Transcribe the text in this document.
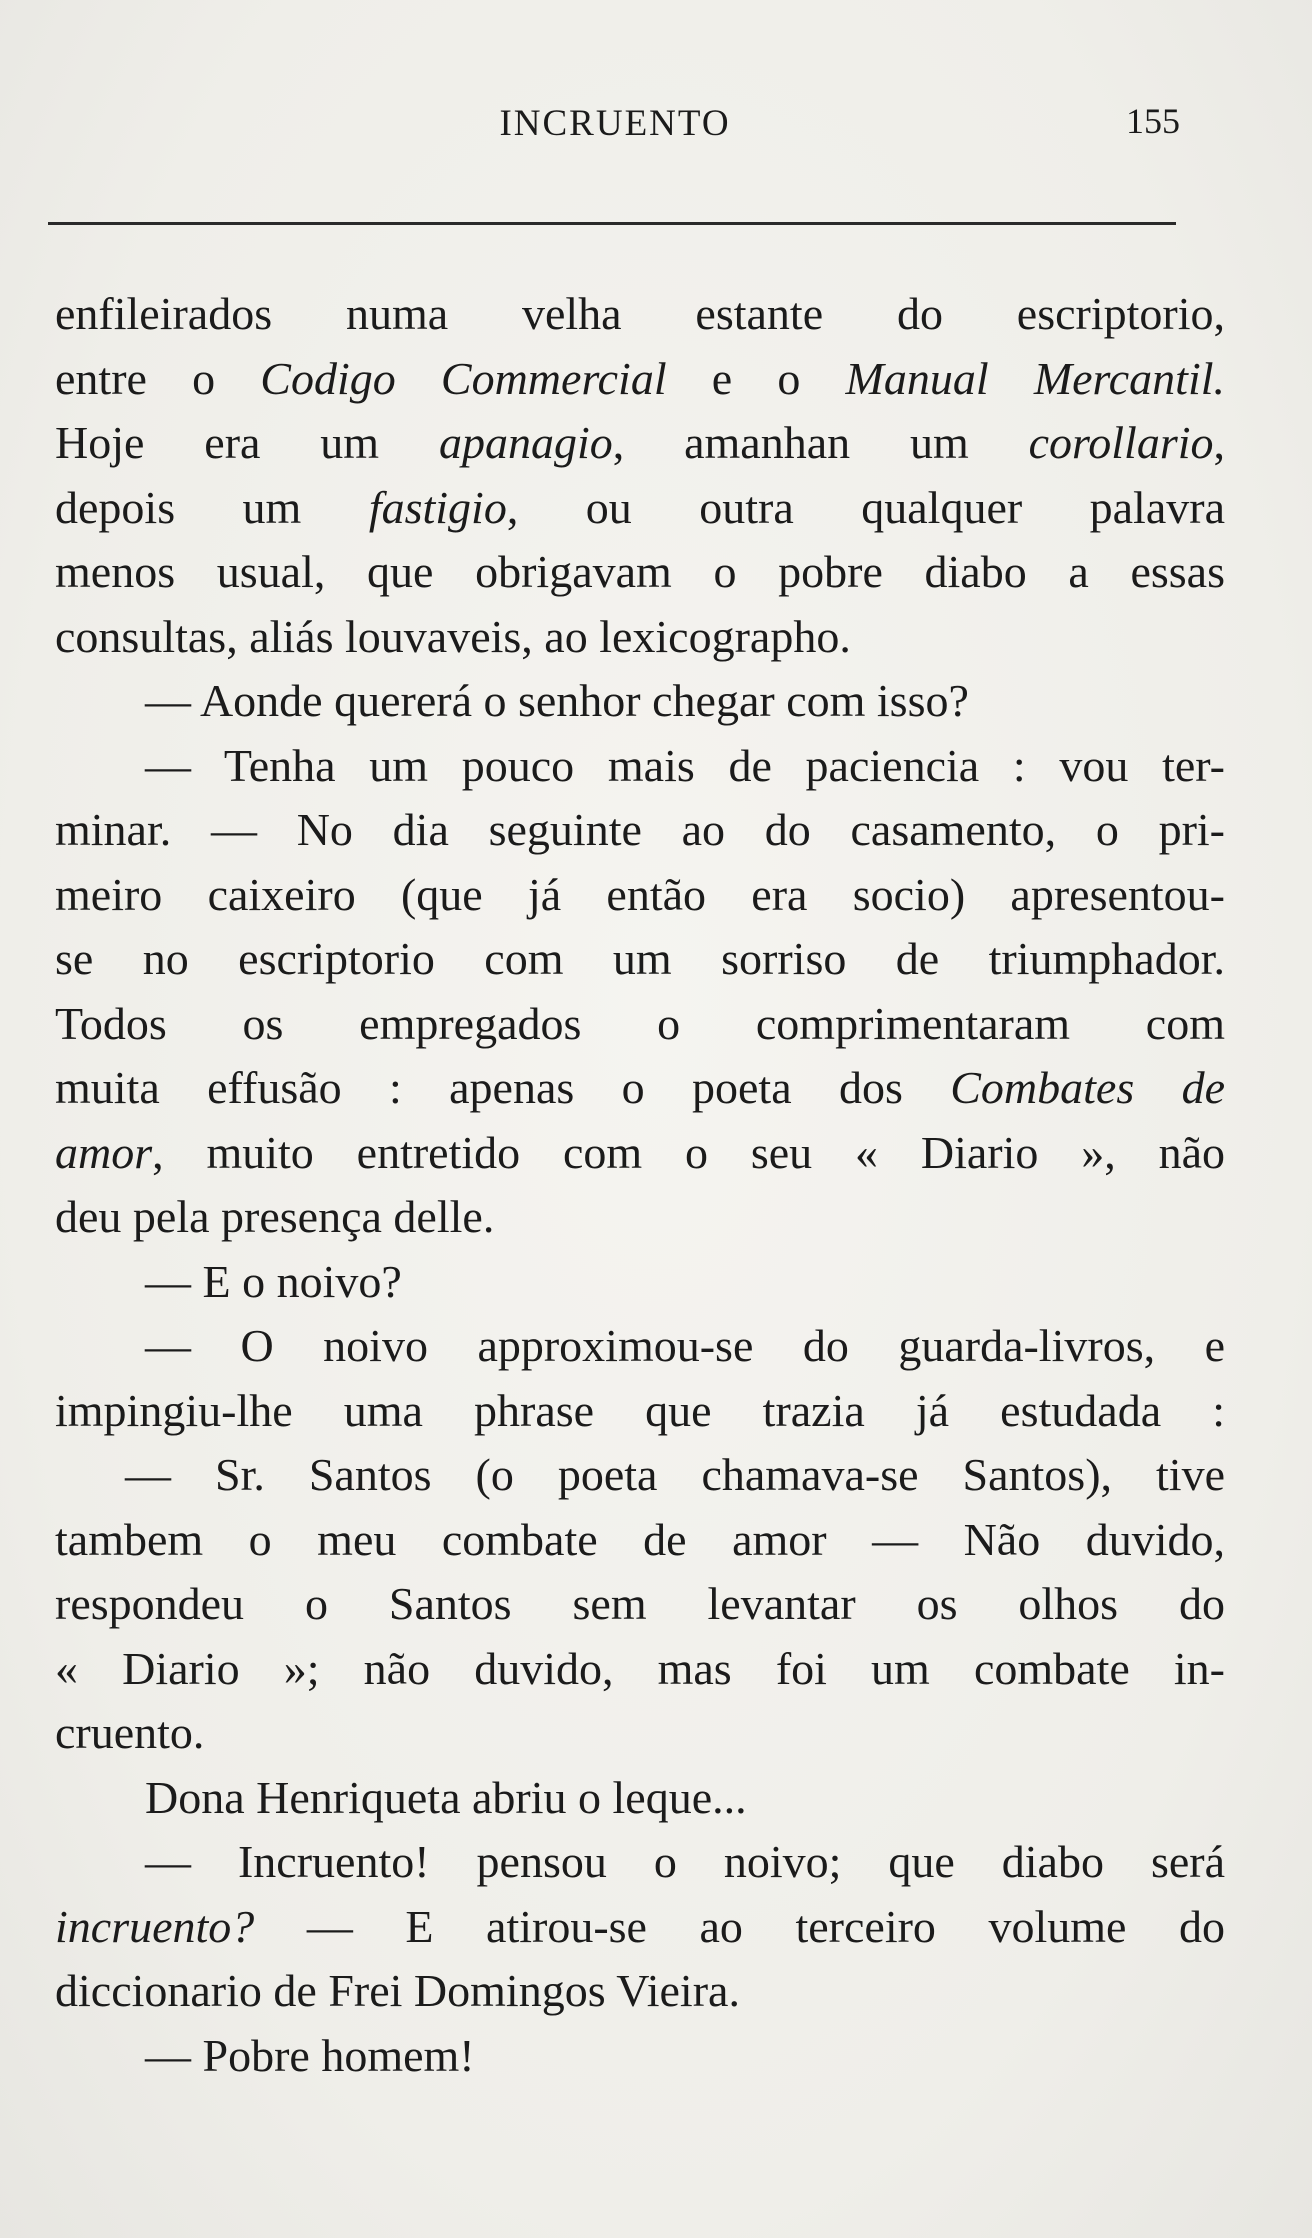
INCRUENTO	155
enfileirados numa velha estante do escriptorio,
entre o Codigo Commercial e o Manual Mercantil.
Hoje era um apanagio, amanhan um corollario,
depois um fastigio, ou outra qualquer palavra
menos usual, que obrigavam o pobre diabo a essas
consultas, aliás louvaveis, ao lexicographo.
— Aonde quererá o senhor chegar com isso?
— Tenha um pouco mais de paciencia : vou ter-
minar. — No dia seguinte ao do casamento, o pri-
meiro caixeiro (que já então era socio) apresentou-
se no escriptorio com um sorriso de triumphador.
Todos os empregados o comprimentaram com
muita effusão : apenas o poeta dos Combates de
amor, muito entretido com o seu « Diario », não
deu pela presença delle.
— E o noivo?
— O noivo approximou-se do guarda-livros, e
impingiu-lhe uma phrase que trazia já estudada :
— Sr. Santos (o poeta chamava-se Santos), tive
tambem o meu combate de amor — Não duvido,
respondeu o Santos sem levantar os olhos do
« Diario »; não duvido, mas foi um combate in-
cruento.
Dona Henriqueta abriu o leque...
— Incruento! pensou o noivo; que diabo será
incruento? — E atirou-se ao terceiro volume do
diccionario de Frei Domingos Vieira.
— Pobre homem!
